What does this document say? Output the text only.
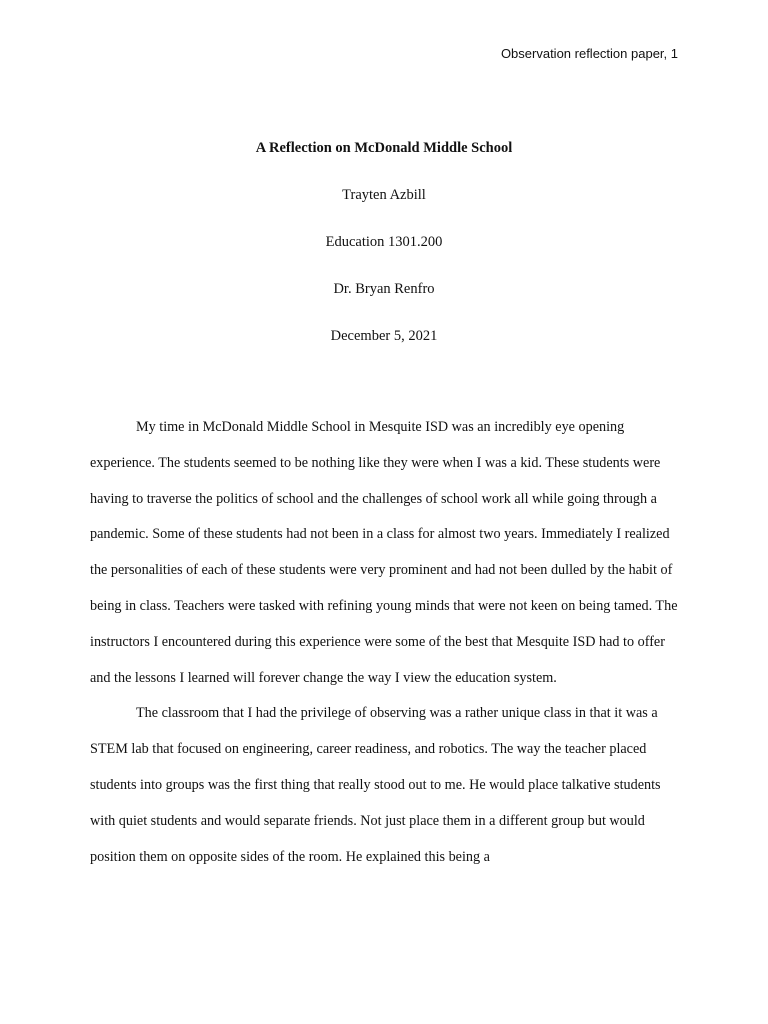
Observation reflection paper, 1
A Reflection on McDonald Middle School
Trayten Azbill
Education 1301.200
Dr. Bryan Renfro
December 5, 2021

My time in McDonald Middle School in Mesquite ISD was an incredibly eye opening experience. The students seemed to be nothing like they were when I was a kid. These students were having to traverse the politics of school and the challenges of school work all while going through a pandemic. Some of these students had not been in a class for almost two years. Immediately I realized the personalities of each of these students were very prominent and had not been dulled by the habit of being in class. Teachers were tasked with refining young minds that were not keen on being tamed. The instructors I encountered during this experience were some of the best that Mesquite ISD had to offer and the lessons I learned will forever change the way I view the education system.

The classroom that I had the privilege of observing was a rather unique class in that it was a STEM lab that focused on engineering, career readiness, and robotics. The way the teacher placed students into groups was the first thing that really stood out to me. He would place talkative students with quiet students and would separate friends. Not just place them in a different group but would position them on opposite sides of the room. He explained this being a
